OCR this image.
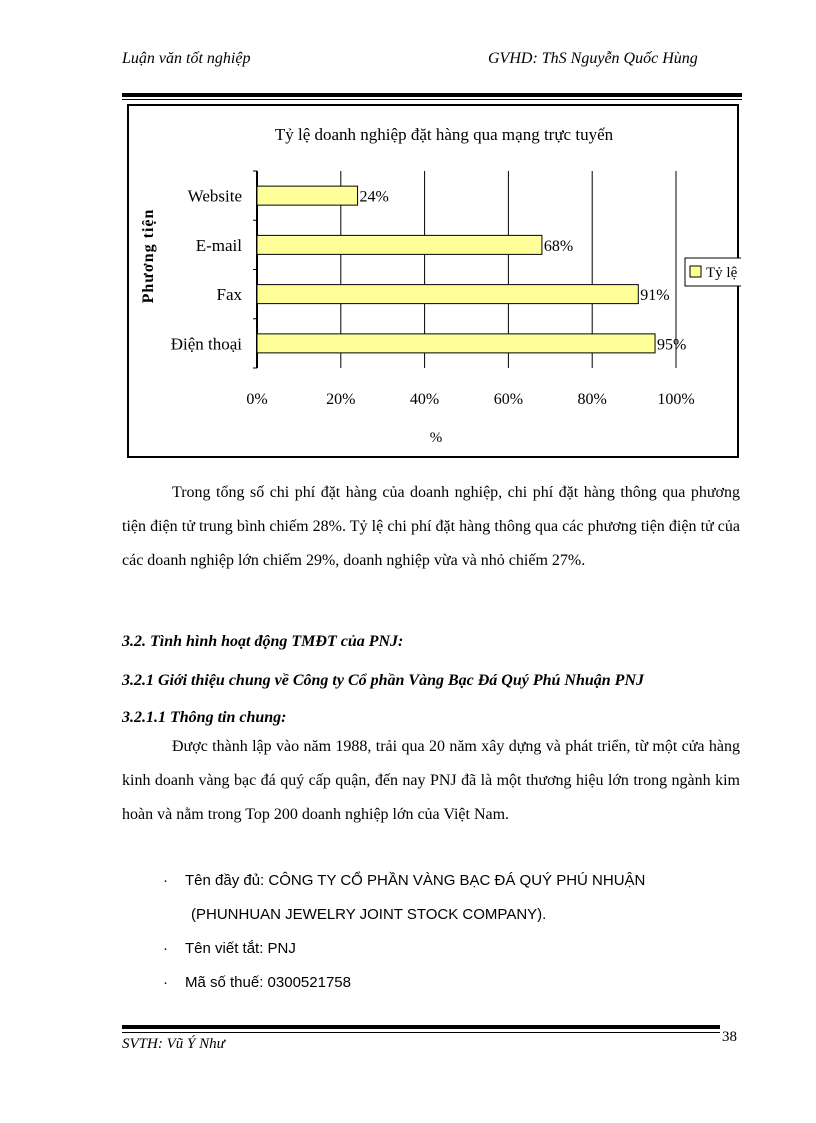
Luận văn tốt nghiệp	GVHD: ThS Nguyễn Quốc Hùng
Tỷ lệ doanh nghiệp đặt hàng qua mạng trực tuyến
0%	20%	40%	60%	80%	100%
Website	24%
E-mail	68%
Fax	91%
Điện thoại	95%
Phương tiện
%
Tỷ lệ
Trong tổng số chi phí đặt hàng của doanh nghiệp, chi phí đặt hàng thông qua phương tiện điện tử trung bình chiếm 28%. Tỷ lệ chi phí đặt hàng thông qua các phương tiện điện tử của các doanh nghiệp lớn chiếm 29%, doanh nghiệp vừa và nhỏ chiếm 27%.
3.2. Tình hình hoạt động TMĐT của PNJ:
3.2.1 Giới thiệu chung về Công ty Cổ phần Vàng Bạc Đá Quý Phú Nhuận PNJ
3.2.1.1 Thông tin chung:
Được thành lập vào năm 1988, trải qua 20 năm xây dựng và phát triển, từ một cửa hàng kinh doanh vàng bạc đá quý cấp quận, đến nay PNJ đã là một thương hiệu lớn trong ngành kim hoàn và nằm trong Top 200 doanh nghiệp lớn của Việt Nam.
· Tên đầy đủ: CÔNG TY CỔ PHẦN VÀNG BẠC ĐÁ QUÝ PHÚ NHUẬN
(PHUNHUAN JEWELRY JOINT STOCK COMPANY).
· Tên viết tắt: PNJ
· Mã số thuế: 0300521758
SVTH: Vũ Ý Như	38
